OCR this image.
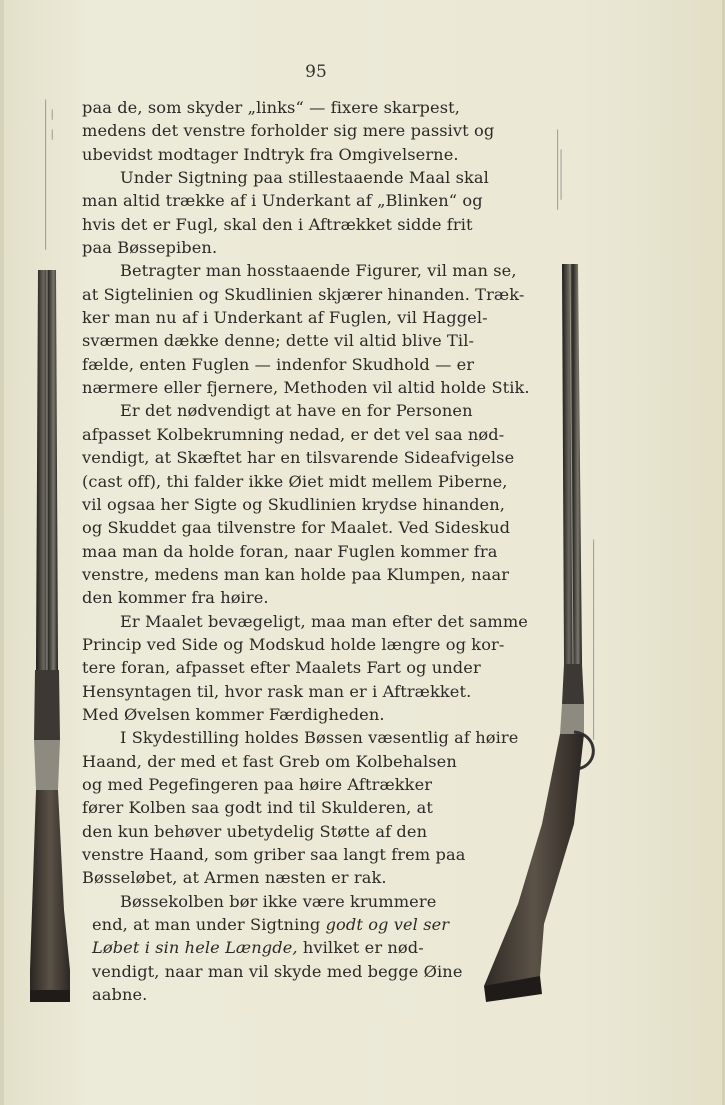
95
|
| |
|
| |
|
|
|
|
|
|
|
|
|
|
|
|
|
||
||
||
||
||
|
|
|
|
|
|
|
|
|
|
|
|
|
|
|
|
|
|
|
|
|
paa de, som skyder „links“ — fixere skarpest,
medens det venstre forholder sig mere passivt og
ubevidst modtager Indtryk fra Omgivelserne.
Under Sigtning paa stillestaaende Maal skal
man altid trække af i Underkant af „Blinken“ og
hvis det er Fugl, skal den i Aftrækket sidde frit
paa Bøssepiben.
Betragter man hosstaaende Figurer, vil man se,
at Sigtelinien og Skudlinien skjærer hinanden. Træk-
ker man nu af i Underkant af Fuglen, vil Haggel-
sværmen dække denne; dette vil altid blive Til-
fælde, enten Fuglen — indenfor Skudhold — er
nærmere eller fjernere, Methoden vil altid holde Stik.
Er det nødvendigt at have en for Personen
afpasset Kolbekrumning nedad, er det vel saa nød-
vendigt, at Skæftet har en tilsvarende Sideafvigelse
(cast off), thi falder ikke Øiet midt mellem Piberne,
vil ogsaa her Sigte og Skudlinien krydse hinanden,
og Skuddet gaa tilvenstre for Maalet. Ved Sideskud
maa man da holde foran, naar Fuglen kommer fra
venstre, medens man kan holde paa Klumpen, naar
den kommer fra høire.
Er Maalet bevægeligt, maa man efter det samme
Princip ved Side og Modskud holde længre og kor-
tere foran, afpasset efter Maalets Fart og under
Hensyntagen til, hvor rask man er i Aftrækket.
Med Øvelsen kommer Færdigheden.
I Skydestilling holdes Bøssen væsentlig af høire
Haand, der med et fast Greb om Kolbehalsen
og med Pegefingeren paa høire Aftrækker
fører Kolben saa godt ind til Skulderen, at
den kun behøver ubetydelig Støtte af den
venstre Haand, som griber saa langt frem paa
Bøsseløbet, at Armen næsten er rak.
Bøssekolben bør ikke være krummere
end, at man under Sigtning godt og vel ser
Løbet i sin hele Længde, hvilket er nød-
vendigt, naar man vil skyde med begge Øine
aabne.
